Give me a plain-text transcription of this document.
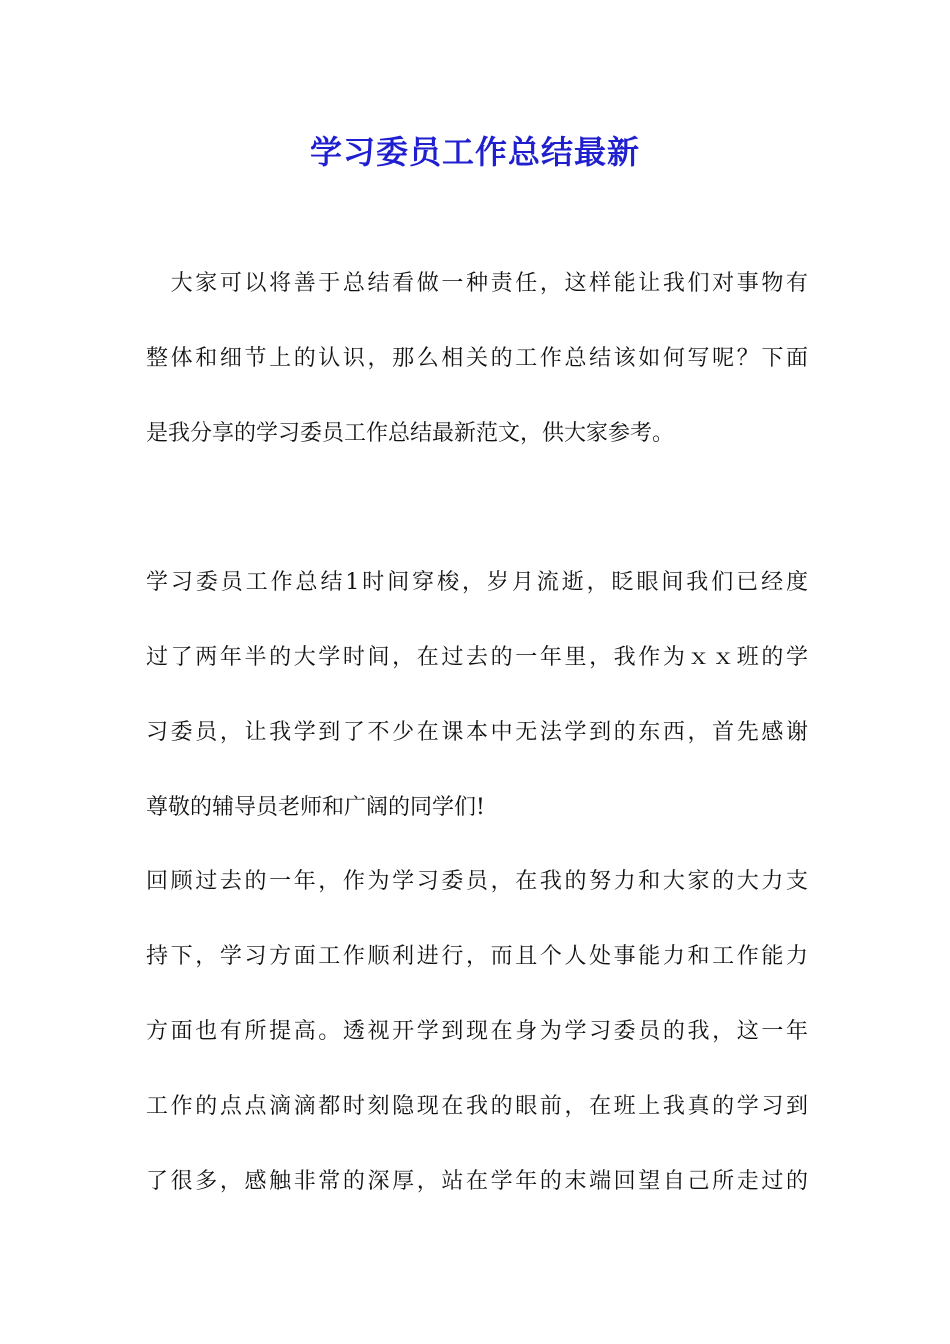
学习委员工作总结最新
　大家可以将善于总结看做一种责任，这样能让我们对事物有
整体和细节上的认识，那么相关的工作总结该如何写呢？下面
是我分享的学习委员工作总结最新范文，供大家参考。
学习委员工作总结1时间穿梭，岁月流逝，眨眼间我们已经度
过了两年半的大学时间，在过去的一年里，我作为ｘｘ班的学
习委员，让我学到了不少在课本中无法学到的东西，首先感谢
尊敬的辅导员老师和广阔的同学们!
回顾过去的一年，作为学习委员，在我的努力和大家的大力支
持下，学习方面工作顺利进行，而且个人处事能力和工作能力
方面也有所提高。透视开学到现在身为学习委员的我，这一年
工作的点点滴滴都时刻隐现在我的眼前，在班上我真的学习到
了很多，感触非常的深厚，站在学年的末端回望自己所走过的
